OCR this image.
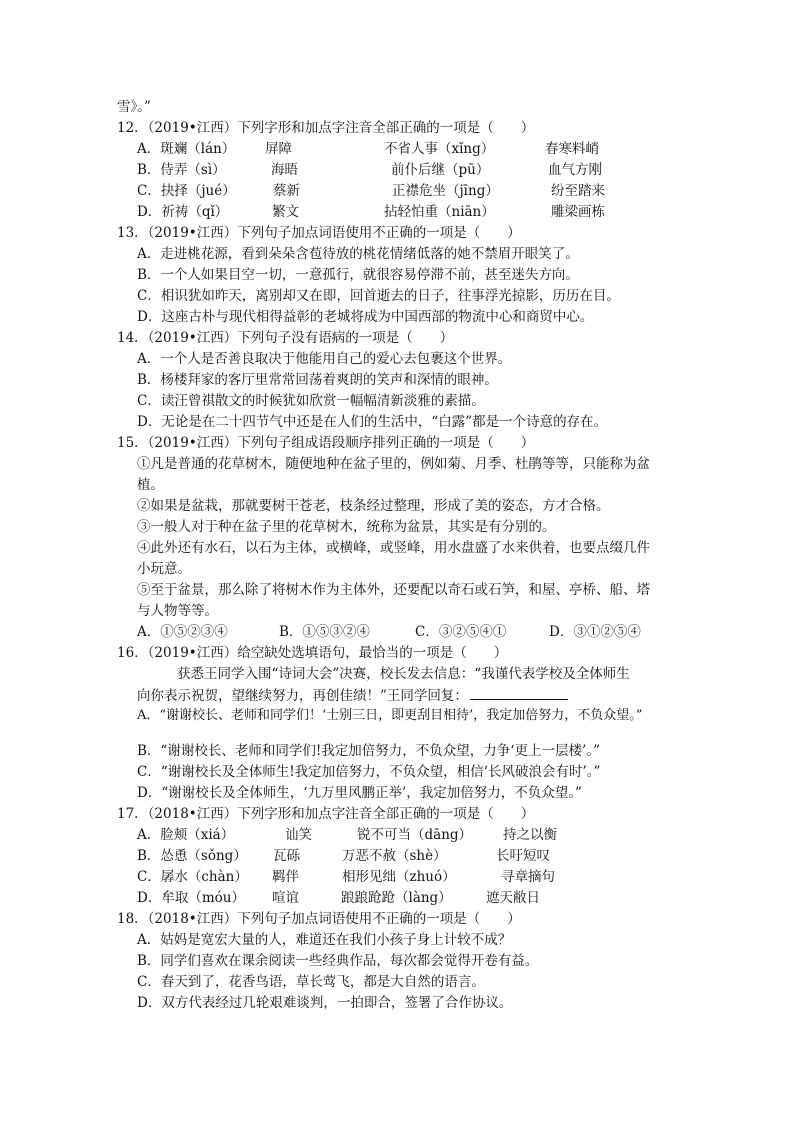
雪》。”
12．（2019•江西）下列字形和加点字注音全部正确的一项是（　　）
A．斑斓（lán） 屏障	不省人事（xǐng）	春寒料峭
B．侍弄（sì）	海晤	前仆后继（pū）	血气方刚
C．抉择（jué）	蔡新	正襟危坐（jīng）	纷至踏来
D．祈祷（qǐ）	繁文	拈轻怕重（niān）	雕梁画栋
13．（2019•江西）下列句子加点词语使用不正确的一项是（　　）
A．走进桃花源，看到朵朵含苞待放的桃花情绪低落的她不禁眉开眼笑了。
B．一个人如果目空一切，一意孤行，就很容易停滞不前，甚至迷失方向。
C．相识犹如昨天，离别却又在即，回首逝去的日子，往事浮光掠影，历历在目。
D．这座古朴与现代相得益彰的老城将成为中国西部的物流中心和商贸中心。
14．（2019•江西）下列句子没有语病的一项是（　　）
A．一个人是否善良取决于他能用自己的爱心去包裹这个世界。
B．杨楼拜家的客厅里常常回荡着爽朗的笑声和深情的眼神。
C．读汪曾祺散文的时候犹如欣赏一幅幅清新淡雅的素描。
D．无论是在二十四节气中还是在人们的生活中，“白露”都是一个诗意的存在。
15．（2019•江西）下列句子组成语段顺序排列正确的一项是（　　）
①凡是普通的花草树木，随便地种在盆子里的，例如菊、月季、杜鹃等等，只能称为盆
植。
②如果是盆栽，那就要树干苍老，枝条经过整理，形成了美的姿态，方才合格。
③一般人对于种在盆子里的花草树木，统称为盆景，其实是有分别的。
④此外还有水石，以石为主体，或横峰，或竖峰，用水盘盛了水来供着，也要点缀几件
小玩意。
⑤至于盆景，那么除了将树木作为主体外，还要配以奇石或石笋，和屋、亭桥、船、塔
与人物等等。
A．①⑤②③④	B．①⑤③②④	C．③②⑤④①	D．③①②⑤④
16．（2019•江西）给空缺处选填语句，最恰当的一项是（　　）
获悉王同学入围“诗词大会”决赛，校长发去信息：“我谨代表学校及全体师生
向你表示祝贺，望继续努力，再创佳绩！”王同学回复：
A．“谢谢校长、老师和同学们！‘士别三日，即更刮目相待’，我定加倍努力，不负众望。”
B．“谢谢校长、老师和同学们!我定加倍努力，不负众望，力争‘更上一层楼’。”
C．“谢谢校长及全体师生!我定加倍努力，不负众望，相信‘长风破浪会有时’。”
D．“谢谢校长及全体师生，‘九万里风鹏正举’，我定加倍努力，不负众望。”
17．（2018•江西）下列字形和加点字注音全部正确的一项是（　　）
A．脸颊（xiá）	讪笑	锐不可当（dāng） 持之以衡
B．怂恿（sǒng） 瓦砾	万恶不赦（shè）	长吁短叹
C．孱水（chàn） 羁伴	相形见绌（zhuó）	寻章摘句
D．牟取（móu） 喧谊	踉踉跄跄（làng）	遮天敝日
18．（2018•江西）下列句子加点词语使用不正确的一项是（　　）
A．姑妈是宽宏大量的人，难道还在我们小孩子身上计较不成？
B．同学们喜欢在课余阅读一些经典作品，每次都会觉得开卷有益。
C．春天到了，花香鸟语，草长莺飞，都是大自然的语言。
D．双方代表经过几轮艰难谈判，一拍即合，签署了合作协议。
